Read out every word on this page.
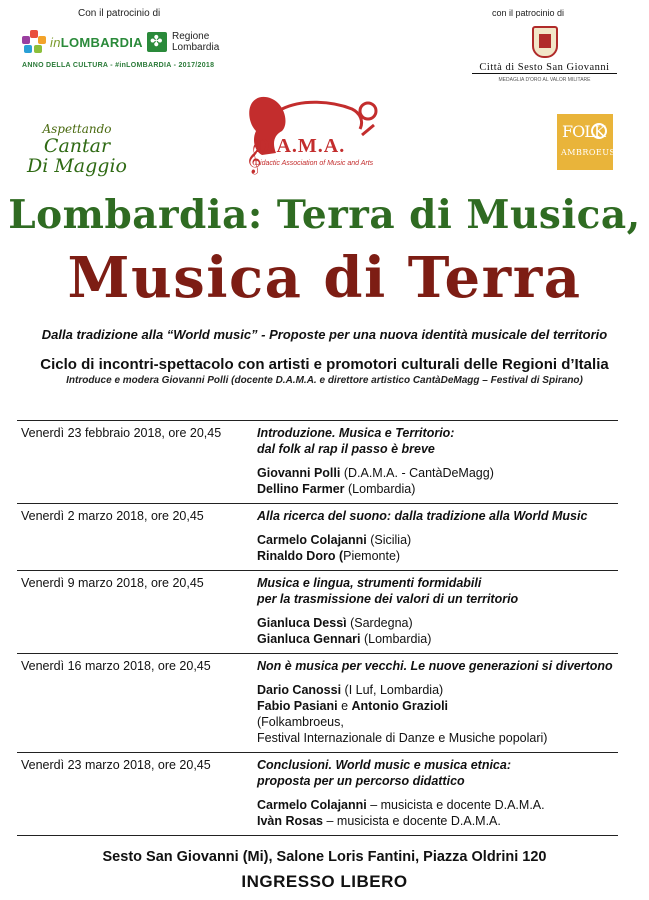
Con il patrocinio di
inLOMBARDIA
✤	Regione
Lombardia
ANNO DELLA CULTURA - #inLOMBARDIA - 2017/2018
con il patrocinio di
Città di Sesto San Giovanni
MEDAGLIA D'ORO AL VALOR MILITARE
Aspettando
Cantar
Di Maggio	𝄞
D.A.M.A.
Didactic Association of Music and Arts
FOLK
AMBROEUS
Lombardia: Terra di Musica,
Musica di Terra
Dalla tradizione alla “World music” - Proposte per una nuova identità musicale del territorio
Ciclo di incontri-spettacolo con artisti e promotori culturali delle Regioni d’Italia
Introduce e modera Giovanni Polli (docente D.A.M.A. e direttore artistico CantàDeMagg – Festival di Spirano)
Venerdì 23 febbraio 2018, ore 20,45	Introduzione. Musica e Territorio:
dal folk al rap il passo è breve
Giovanni Polli (D.A.M.A. - CantàDeMagg)
Dellino Farmer (Lombardia)
Venerdì 2 marzo 2018, ore 20,45	Alla ricerca del suono: dalla tradizione alla World Music
Carmelo Colajanni (Sicilia)
Rinaldo Doro (Piemonte)
Venerdì 9 marzo 2018, ore 20,45	Musica e lingua, strumenti formidabili
per la trasmissione dei valori di un territorio
Gianluca Dessì (Sardegna)
Gianluca Gennari (Lombardia)
Venerdì 16 marzo 2018, ore 20,45	Non è musica per vecchi. Le nuove generazioni si divertono
Dario Canossi (I Luf, Lombardia)
Fabio Pasiani e Antonio Grazioli
(Folkambroeus,
Festival Internazionale di Danze e Musiche popolari)
Venerdì 23 marzo 2018, ore 20,45	Conclusioni. World music e musica etnica:
proposta per un percorso didattico
Carmelo Colajanni – musicista e docente D.A.M.A.
Ivàn Rosas – musicista e docente D.A.M.A.
Sesto San Giovanni (Mi), Salone Loris Fantini, Piazza Oldrini 120
INGRESSO LIBERO
